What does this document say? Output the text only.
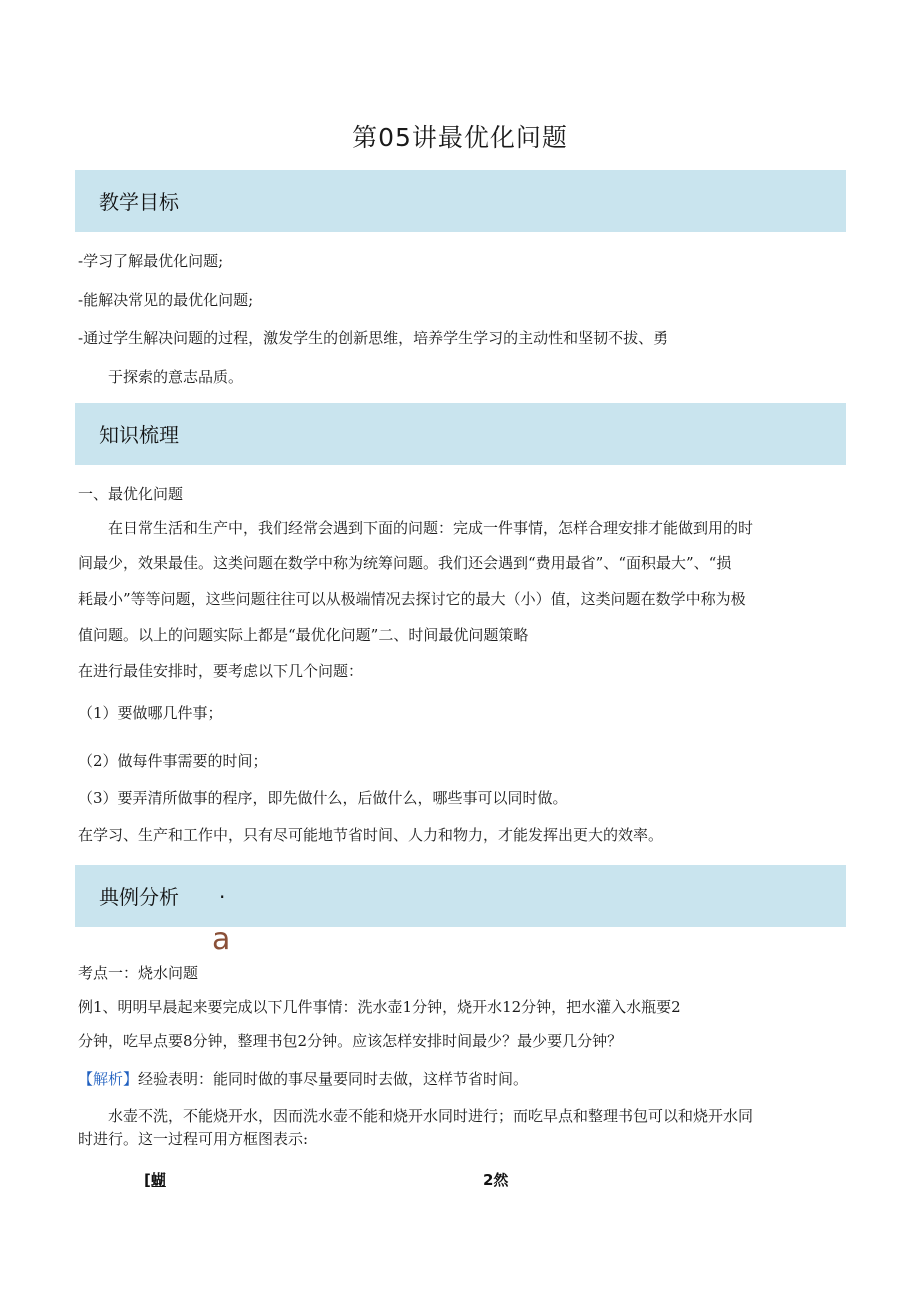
第05讲最优化问题
教学目标
-学习了解最优化问题;
-能解决常见的最优化问题;
-通过学生解决问题的过程，激发学生的创新思维，培养学生学习的主动性和坚韧不拔、勇
于探索的意志品质。
知识梳理
一、最优化问题
在日常生活和生产中，我们经常会遇到下面的问题：完成一件事情，怎样合理安排才能做到用的时
间最少，效果最佳。这类问题在数学中称为统筹问题。我们还会遇到“费用最省”、“面积最大”、“损
耗最小”等等问题，这些问题往往可以从极端情况去探讨它的最大（小）值，这类问题在数学中称为极
值问题。以上的问题实际上都是“最优化问题”二、时间最优问题策略
在进行最佳安排时，要考虑以下几个问题：
（1）要做哪几件事；
（2）做每件事需要的时间；
（3）要弄清所做事的程序，即先做什么，后做什么，哪些事可以同时做。
在学习、生产和工作中，只有尽可能地节省时间、人力和物力，才能发挥出更大的效率。
典例分析 .
a
考点一：烧水问题
例1、明明早晨起来要完成以下几件事情：洗水壶1分钟，烧开水12分钟，把水灌入水瓶要2
分钟，吃早点要8分钟，整理书包2分钟。应该怎样安排时间最少？最少要几分钟？
【解析】经验表明：能同时做的事尽量要同时去做，这样节省时间。
水壶不洗，不能烧开水，因而洗水壶不能和烧开水同时进行；而吃早点和整理书包可以和烧开水同
时进行。这一过程可用方框图表示:
[蝴	2然
